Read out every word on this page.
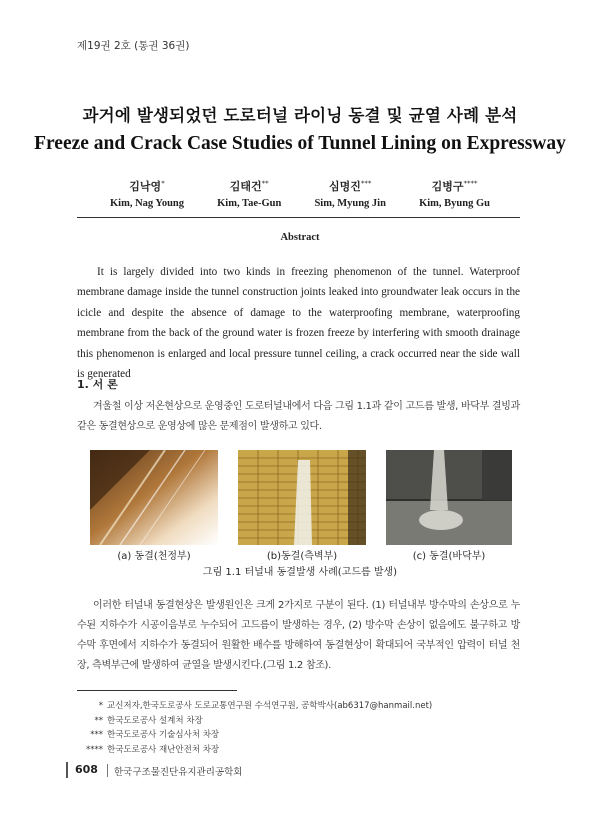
제19권 2호 (통권 36권)
과거에 발생되었던 도로터널 라이닝 동결 및 균열 사례 분석
Freeze and Crack Case Studies of Tunnel Lining on Expressway
김낙영*
Kim, Nag Young
김태건**
Kim, Tae-Gun
심명진***
Sim, Myung Jin
김병구****
Kim, Byung Gu
Abstract
It is largely divided into two kinds in freezing phenomenon of the tunnel. Waterproof membrane damage inside the tunnel construction joints leaked into groundwater leak occurs in the icicle and despite the absence of damage to the waterproofing membrane, waterproofing membrane from the back of the ground water is frozen freeze by interfering with smooth drainage this phenomenon is enlarged and local pressure tunnel ceiling, a crack occurred near the side wall is generated
1. 서 론
겨울철 이상 저온현상으로 운영중인 도로터널내에서 다음 그림 1.1과 같이 고드름 발생, 바닥부 결빙과 같은 동결현상으로 운영상에 많은 문제점이 발생하고 있다.
(a) 동결(천정부)	(b)동결(측벽부)	(c) 동결(바닥부)
그림 1.1 터널내 동결발생 사례(고드름 발생)
이러한 터널내 동결현상은 발생원인은 크게 2가지로 구분이 된다. (1) 터널내부 방수막의 손상으로 누수된 지하수가 시공이음부로 누수되어 고드름이 발생하는 경우, (2) 방수막 손상이 없음에도 불구하고 방수막 후면에서 지하수가 동결되어 원활한 배수를 방해하여 동결현상이 확대되어 국부적인 압력이 터널 천장, 측벽부근에 발생하여 균열을 발생시킨다.(그림 1.2 참조).
* 교신저자,한국도로공사 도로교통연구원 수석연구원, 공학박사(ab6317@hanmail.net)
** 한국도로공사 설계처 차장
*** 한국도로공사 기술심사처 차장
**** 한국도로공사 재난안전처 차장
608 한국구조물진단유지관리공학회
